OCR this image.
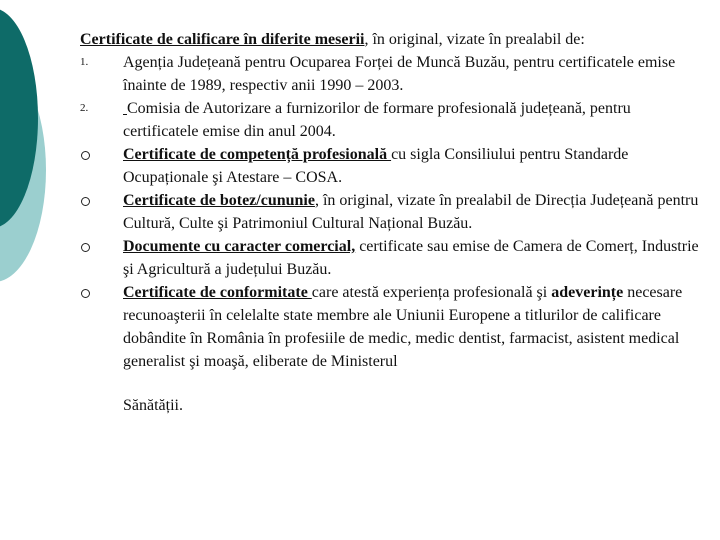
Certificate de calificare în diferite meserii, în original, vizate în prealabil de:
1.	Agenția Județeană pentru Ocuparea Forței de Muncă Buzău, pentru certificatele emise înainte de 1989, respectiv anii 1990 – 2003.
2.	Comisia de Autorizare a furnizorilor de formare profesională județeană, pentru certificatele emise din anul 2004.
Certificate de competență profesională cu sigla Consiliului pentru Standarde Ocupaționale şi Atestare – COSA.
Certificate de botez/cununie, în original, vizate în prealabil de Direcția Județeană pentru Cultură, Culte şi Patrimoniul Cultural Național Buzău.
Documente cu caracter comercial, certificate sau emise de Camera de Comerț, Industrie şi Agricultură a județului Buzău.
Certificate de conformitate care atestă experiența profesională şi adeverințe necesare recunoaşterii în celelalte state membre ale Uniunii Europene a titlurilor de calificare dobândite în România în profesiile de medic, medic dentist, farmacist, asistent medical generalist şi moaşă, eliberate de Ministerul
Sănătății.
